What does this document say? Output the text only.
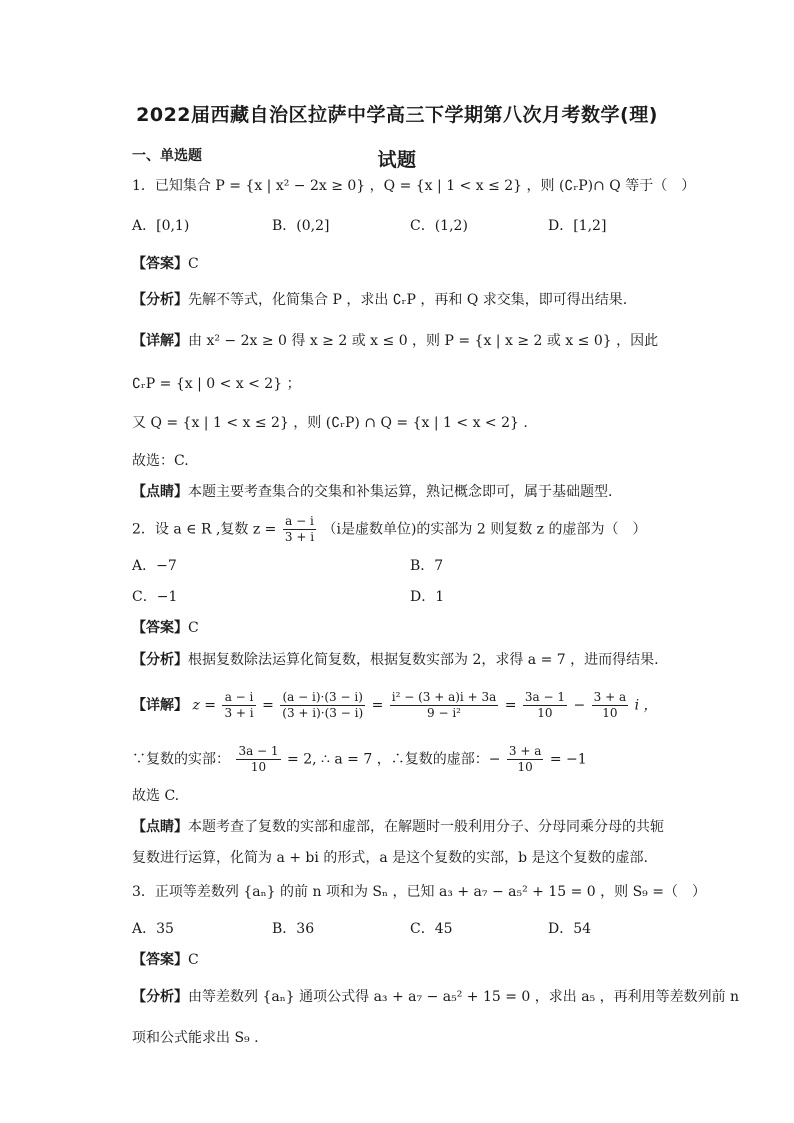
2022届西藏自治区拉萨中学高三下学期第八次月考数学(理)
试题
一、单选题
1．已知集合 P = {x | x² − 2x ≥ 0} ，Q = {x | 1 < x ≤ 2} ，则 (∁ᵣP)∩ Q 等于（　）
A．[0,1)	B．(0,2]	C．(1,2)	D．[1,2]
【答案】C
【分析】先解不等式，化简集合 P ，求出 ∁ᵣP ，再和 Q 求交集，即可得出结果.
【详解】由 x² − 2x ≥ 0 得 x ≥ 2 或 x ≤ 0 ，则 P = {x | x ≥ 2 或 x ≤ 0} ，因此
∁ᵣP = {x | 0 < x < 2} ；
又 Q = {x | 1 < x ≤ 2} ，则 (∁ᵣP) ∩ Q = {x | 1 < x < 2} .
故选：C.
【点睛】本题主要考查集合的交集和补集运算，熟记概念即可，属于基础题型.
2．设 a ∈ R ,复数 $z = \frac{a - i}{3 + i} (i$是虚数单位)的实部为 2 则复数 z 的虚部为（　）
A．−7	B．7
C．−1	D．1
【答案】C
【分析】根据复数除法运算化简复数，根据复数实部为 2，求得 a = 7 ，进而得结果.
【详解】 $z = \frac{a - i}{3 + i} = \frac{(a - i)\cdot(3 - i)}{(3 + i)\cdot(3 - i)} = \frac{\text{i² − (3 + a)i + 3a}}{\text{9 − i²}} = \frac{3a - 1}{10} - \frac{3 + a}{10}$ i ，
∵复数的实部： $\frac{3a - 1}{10} = 2$, ∴ a = 7 ，∴复数的虚部：− $\frac{3 + a}{10} = -1$
故选 C.
【点睛】本题考查了复数的实部和虚部，在解题时一般利用分子、分母同乘分母的共轭
复数进行运算，化简为 a + bi 的形式，a 是这个复数的实部，b 是这个复数的虚部.
3．正项等差数列 {aₙ} 的前 n 项和为 Sₙ ，已知 a₃ + a₇ − a₅² + 15 = 0 ，则 S₉ =（　）
A．35	B．36	C．45	D．54
【答案】C
【分析】由等差数列 {aₙ} 通项公式得 a₃ + a₇ − a₅² + 15 = 0 ，求出 a₅ ，再利用等差数列前 n
项和公式能求出 S₉ .
